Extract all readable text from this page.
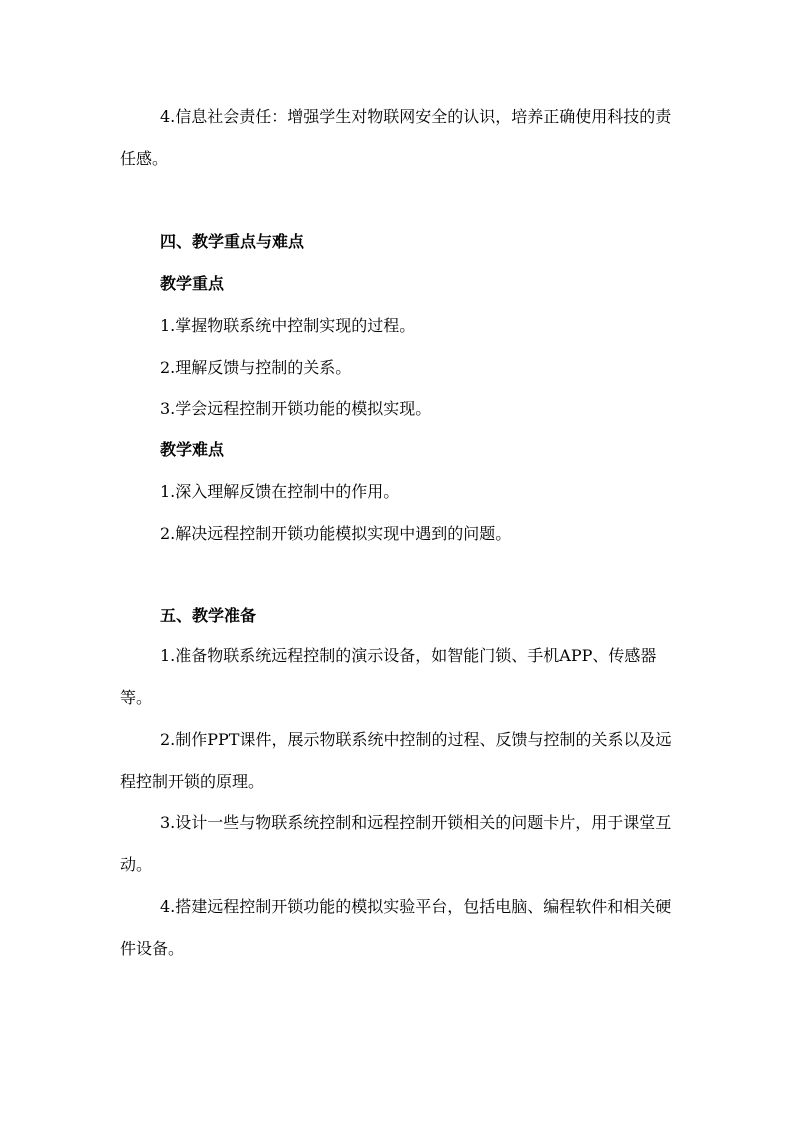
4.信息社会责任：增强学生对物联网安全的认识，培养正确使用科技的责任感。
四、教学重点与难点
教学重点
1.掌握物联系统中控制实现的过程。
2.理解反馈与控制的关系。
3.学会远程控制开锁功能的模拟实现。
教学难点
1.深入理解反馈在控制中的作用。
2.解决远程控制开锁功能模拟实现中遇到的问题。
五、教学准备
1.准备物联系统远程控制的演示设备，如智能门锁、手机APP、传感器等。
2.制作PPT课件，展示物联系统中控制的过程、反馈与控制的关系以及远程控制开锁的原理。
3.设计一些与物联系统控制和远程控制开锁相关的问题卡片，用于课堂互动。
4.搭建远程控制开锁功能的模拟实验平台，包括电脑、编程软件和相关硬件设备。
